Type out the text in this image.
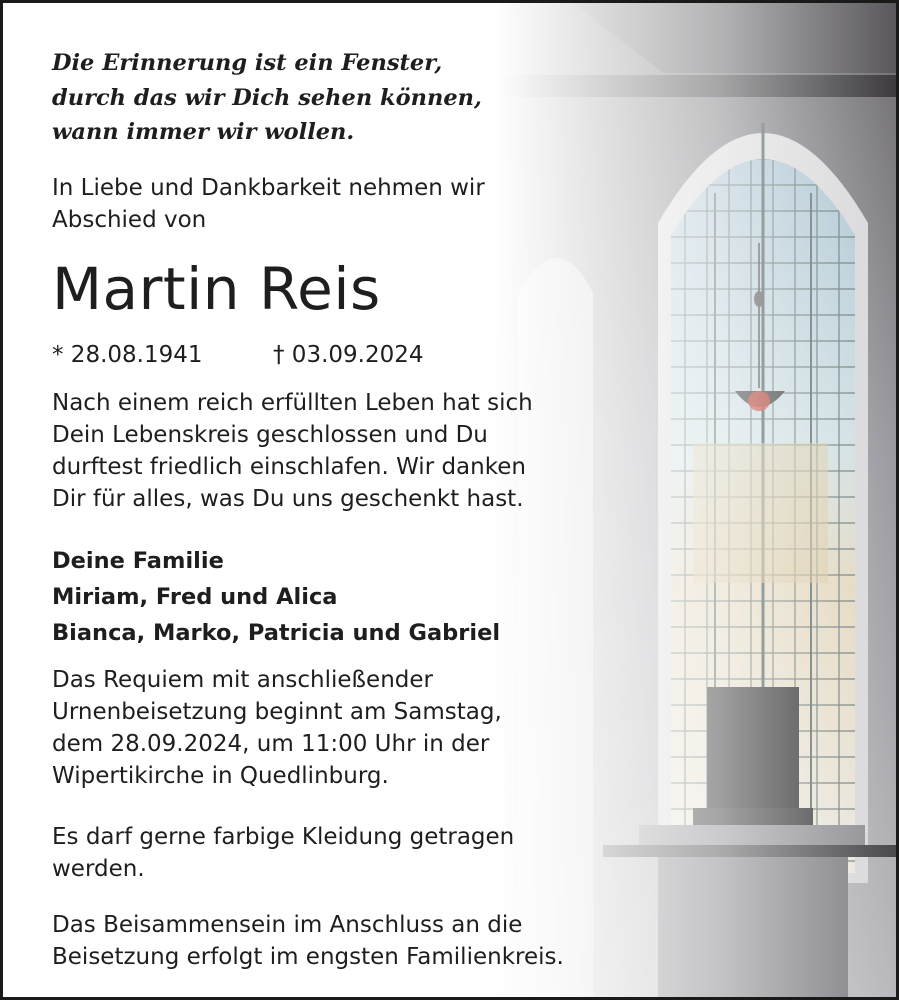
Die Erinnerung ist ein Fenster,
durch das wir Dich sehen können,
wann immer wir wollen.
In Liebe und Dankbarkeit nehmen wir
Abschied von
Martin Reis
* 28.08.1941	† 03.09.2024
Nach einem reich erfüllten Leben hat sich
Dein Lebenskreis geschlossen und Du
durftest friedlich einschlafen. Wir danken
Dir für alles, was Du uns geschenkt hast.
Deine Familie
Miriam, Fred und Alica
Bianca, Marko, Patricia und Gabriel
Das Requiem mit anschließender
Urnenbeisetzung beginnt am Samstag,
dem 28.09.2024, um 11:00 Uhr in der
Wipertikirche in Quedlinburg.
Es darf gerne farbige Kleidung getragen
werden.
Das Beisammensein im Anschluss an die
Beisetzung erfolgt im engsten Familienkreis.
